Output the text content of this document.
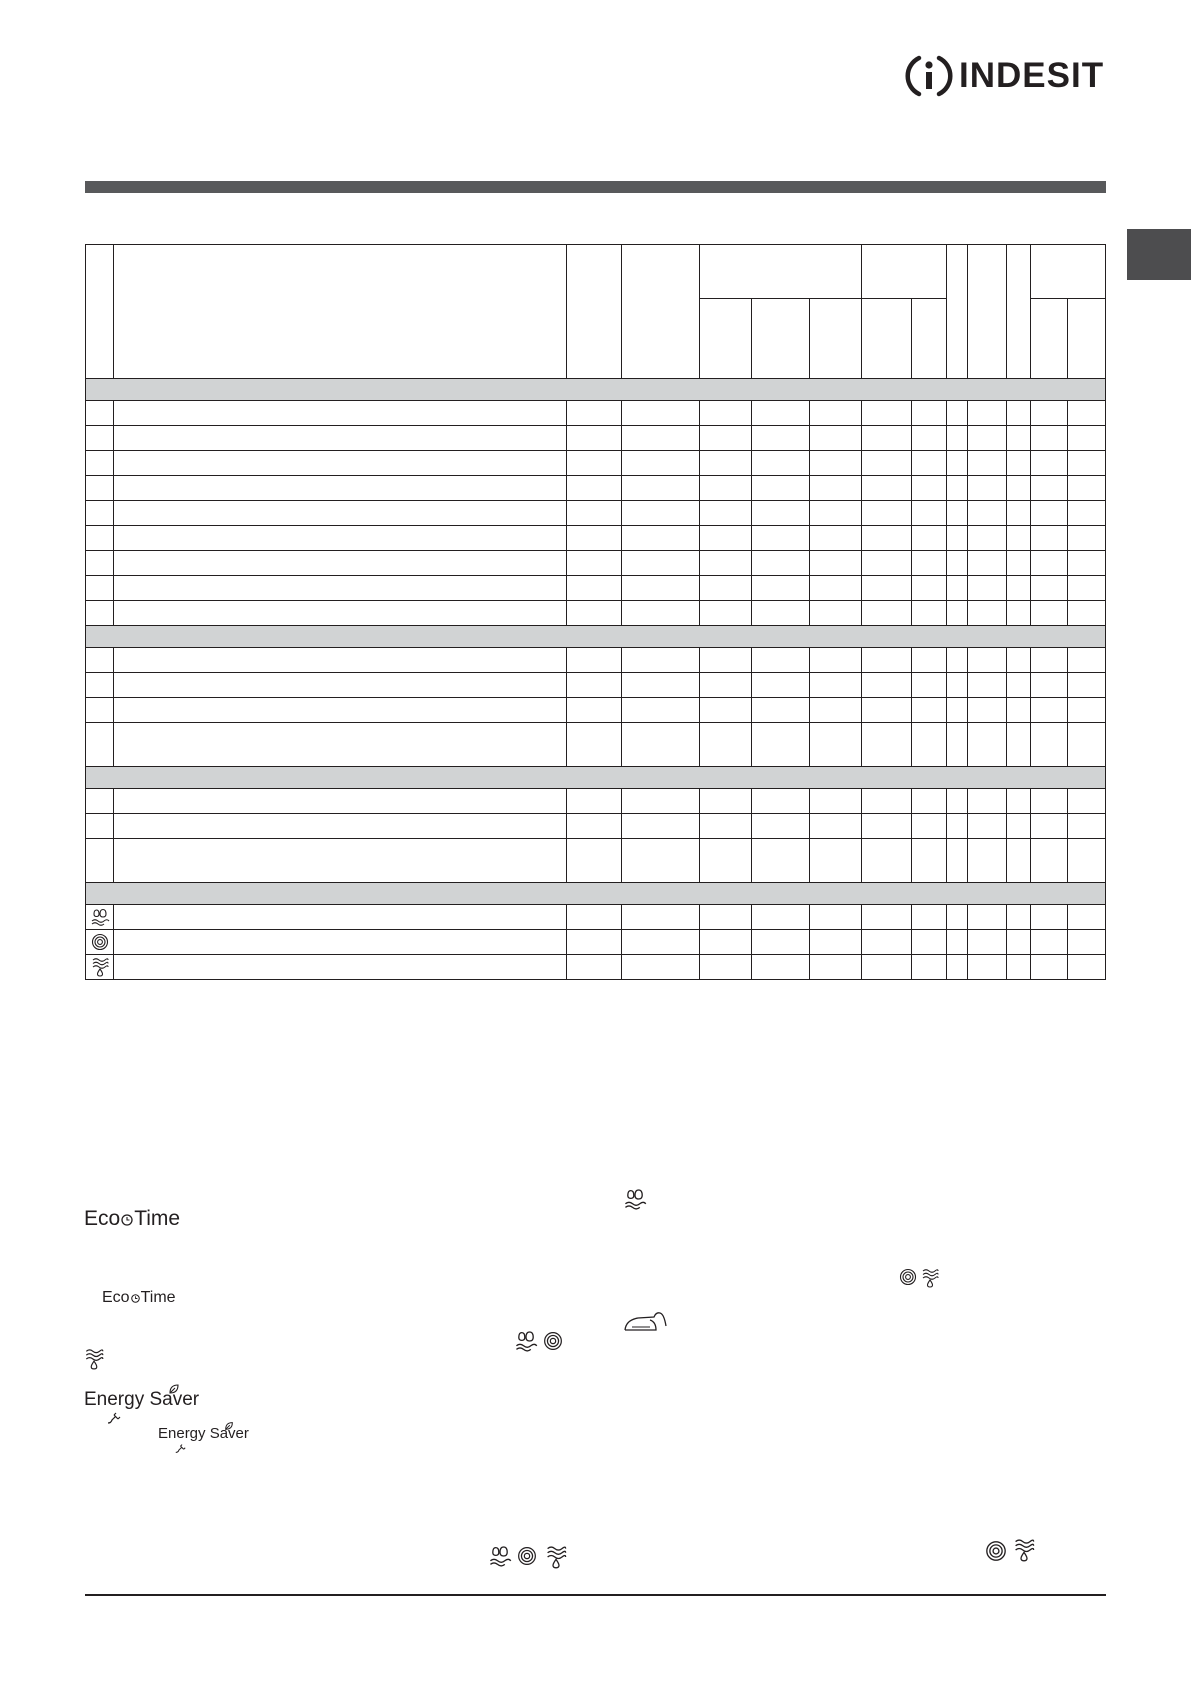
INDESIT

Eco Time
Eco Time
Energy Saver
Energy Saver
